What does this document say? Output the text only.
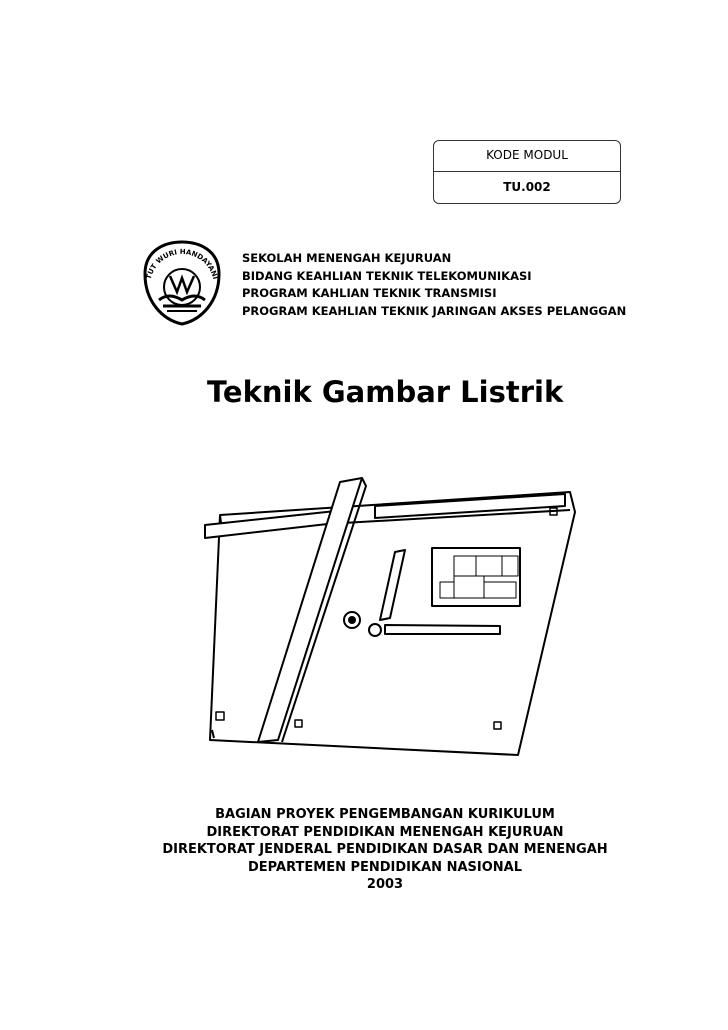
KODE MODUL
TU.002
TUT WURI HANDAYANI
SEKOLAH MENENGAH KEJURUAN
BIDANG KEAHLIAN TEKNIK TELEKOMUNIKASI
PROGRAM KAHLIAN TEKNIK TRANSMISI
PROGRAM KEAHLIAN TEKNIK JARINGAN AKSES PELANGGAN
Teknik Gambar Listrik
BAGIAN PROYEK PENGEMBANGAN KURIKULUM
DIREKTORAT PENDIDIKAN MENENGAH KEJURUAN
DIREKTORAT JENDERAL PENDIDIKAN DASAR DAN MENENGAH
DEPARTEMEN PENDIDIKAN NASIONAL
2003
